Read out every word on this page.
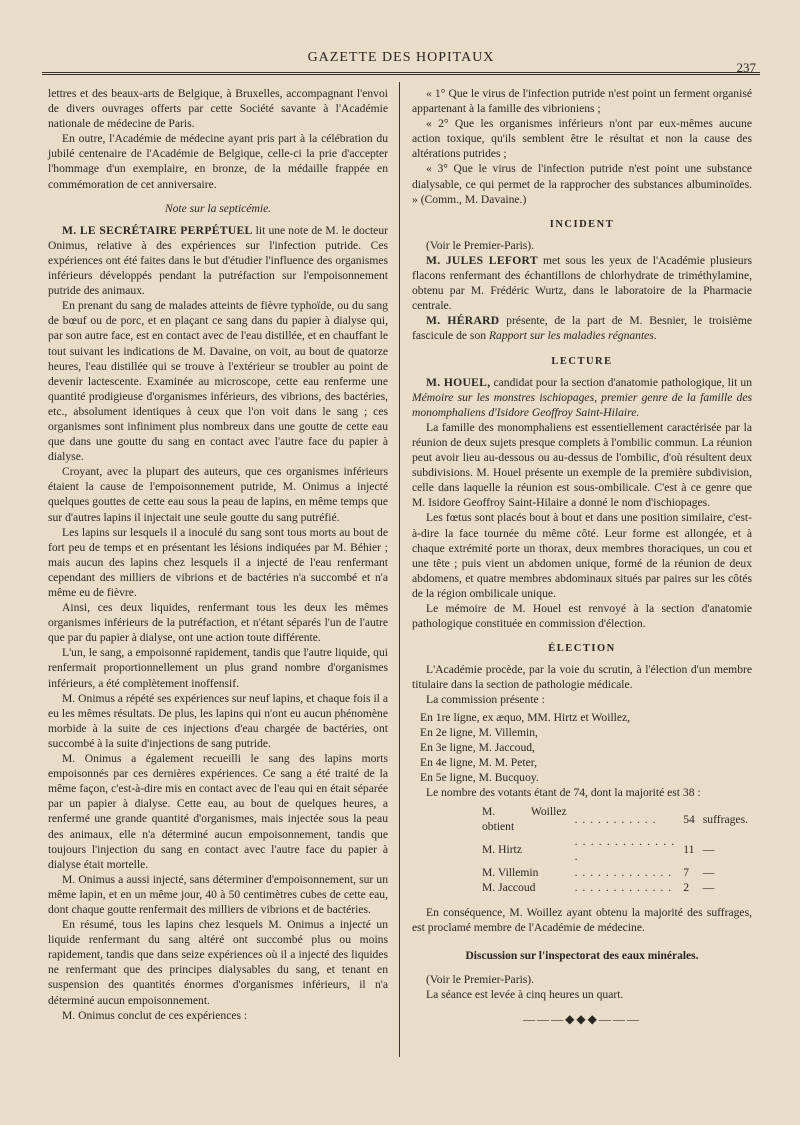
GAZETTE DES HOPITAUX
237

lettres et des beaux-arts de Belgique, à Bruxelles, accompagnant l'envoi de divers ouvrages offerts par cette Société savante à l'Académie nationale de médecine de Paris.

En outre, l'Académie de médecine ayant pris part à la célébration du jubilé centenaire de l'Académie de Belgique, celle-ci la prie d'accepter l'hommage d'un exemplaire, en bronze, de la médaille frappée en commémoration de cet anniversaire.

Note sur la septicémie.

M. LE SECRÉTAIRE PERPÉTUEL lit une note de M. le docteur Onimus, relative à des expériences sur l'infection putride. Ces expériences ont été faites dans le but d'étudier l'influence des organismes inférieurs développés pendant la putréfaction sur l'empoisonnement putride des animaux.

En prenant du sang de malades atteints de fièvre typhoïde, ou du sang de bœuf ou de porc, et en plaçant ce sang dans du papier à dialyse qui, par son autre face, est en contact avec de l'eau distillée, et en chauffant le tout suivant les indications de M. Davaine, on voit, au bout de quatorze heures, l'eau distillée qui se trouve à l'extérieur se troubler au point de devenir lactescente. Examinée au microscope, cette eau renferme une quantité prodigieuse d'organismes inférieurs, des vibrions, des bactéries, etc., absolument identiques à ceux que l'on voit dans le sang ; ces organismes sont infiniment plus nombreux dans une goutte de cette eau que dans une goutte du sang en contact avec l'autre face du papier à dialyse.

Croyant, avec la plupart des auteurs, que ces organismes inférieurs étaient la cause de l'empoisonnement putride, M. Onimus a injecté quelques gouttes de cette eau sous la peau de lapins, en même temps que sur d'autres lapins il injectait une seule goutte du sang putréfié.

Les lapins sur lesquels il a inoculé du sang sont tous morts au bout de fort peu de temps et en présentant les lésions indiquées par M. Béhier ; mais aucun des lapins chez lesquels il a injecté de l'eau renfermant cependant des milliers de vibrions et de bactéries n'a succombé et n'a même eu de fièvre.

Ainsi, ces deux liquides, renfermant tous les deux les mêmes organismes inférieurs de la putréfaction, et n'étant séparés l'un de l'autre que par du papier à dialyse, ont une action toute différente.

L'un, le sang, a empoisonné rapidement, tandis que l'autre liquide, qui renfermait proportionnellement un plus grand nombre d'organismes inférieurs, a été complètement inoffensif.

M. Onimus a répété ses expériences sur neuf lapins, et chaque fois il a eu les mêmes résultats. De plus, les lapins qui n'ont eu aucun phénomène morbide à la suite de ces injections d'eau chargée de bactéries, ont succombé à la suite d'injections de sang putride.

M. Onimus a également recueilli le sang des lapins morts empoisonnés par ces dernières expériences. Ce sang a été traité de la même façon, c'est-à-dire mis en contact avec de l'eau qui en était séparée par un papier à dialyse. Cette eau, au bout de quelques heures, a renfermé une grande quantité d'organismes, mais injectée sous la peau des animaux, elle n'a déterminé aucun empoisonnement, tandis que toujours l'injection du sang en contact avec l'autre face du papier à dialyse était mortelle.

M. Onimus a aussi injecté, sans déterminer d'empoisonnement, sur un même lapin, et en un même jour, 40 à 50 centimètres cubes de cette eau, dont chaque goutte renfermait des milliers de vibrions et de bactéries.

En résumé, tous les lapins chez lesquels M. Onimus a injecté un liquide renfermant du sang altéré ont succombé plus ou moins rapidement, tandis que dans seize expériences où il a injecté des liquides ne renfermant que des principes dialysables du sang, et tenant en suspension des quantités énormes d'organismes inférieurs, il n'a déterminé aucun empoisonnement.

M. Onimus conclut de ces expériences :

« 1° Que le virus de l'infection putride n'est point un ferment organisé appartenant à la famille des vibrioniens ;

« 2° Que les organismes inférieurs n'ont par eux-mêmes aucune action toxique, qu'ils semblent être le résultat et non la cause des altérations putrides ;

« 3° Que le virus de l'infection putride n'est point une substance dialysable, ce qui permet de la rapprocher des substances albuminoïdes. » (Comm., M. Davaine.)

INCIDENT

(Voir le Premier-Paris).

M. JULES LEFORT met sous les yeux de l'Académie plusieurs flacons renfermant des échantillons de chlorhydrate de triméthylamine, obtenu par M. Frédéric Wurtz, dans le laboratoire de la Pharmacie centrale.

M. HÉRARD présente, de la part de M. Besnier, le troisième fascicule de son Rapport sur les maladies régnantes.

LECTURE

M. HOUEL, candidat pour la section d'anatomie pathologique, lit un Mémoire sur les monstres ischiopages, premier genre de la famille des monomphaliens d'Isidore Geoffroy Saint-Hilaire.

La famille des monomphaliens est essentiellement caractérisée par la réunion de deux sujets presque complets à l'ombilic commun. La réunion peut avoir lieu au-dessous ou au-dessus de l'ombilic, d'où résultent deux subdivisions. M. Houel présente un exemple de la première subdivision, celle dans laquelle la réunion est sous-ombilicale. C'est à ce genre que M. Isidore Geoffroy Saint-Hilaire a donné le nom d'ischiopages.

Les fœtus sont placés bout à bout et dans une position similaire, c'est-à-dire la face tournée du même côté. Leur forme est allongée, et à chaque extrémité porte un thorax, deux membres thoraciques, un cou et une tête ; puis vient un abdomen unique, formé de la réunion de deux abdomens, et quatre membres abdominaux situés par paires sur les côtés de la région ombilicale unique.

Le mémoire de M. Houel est renvoyé à la section d'anatomie pathologique constituée en commission d'élection.

ÉLECTION

L'Académie procède, par la voie du scrutin, à l'élection d'un membre titulaire dans la section de pathologie médicale.

La commission présente :

En 1re ligne, ex æquo, MM. Hirtz et Woillez,
En 2e ligne, M. Villemin,
En 3e ligne, M. Jaccoud,
En 4e ligne, M. M. Peter,
En 5e ligne, M. Bucquoy.

Le nombre des votants étant de 74, dont la majorité est 38 :

M. Woillez obtient	. . . . . . . . . . .	54	suffrages.
M. Hirtz	. . . . . . . . . . . . . .	11	—
M. Villemin	. . . . . . . . . . . . .	7	—
M. Jaccoud	. . . . . . . . . . . . .	2	—

En conséquence, M. Woillez ayant obtenu la majorité des suffrages, est proclamé membre de l'Académie de médecine.

Discussion sur l'inspectorat des eaux minérales.

(Voir le Premier-Paris).

La séance est levée à cinq heures un quart.

———◆◆◆———
